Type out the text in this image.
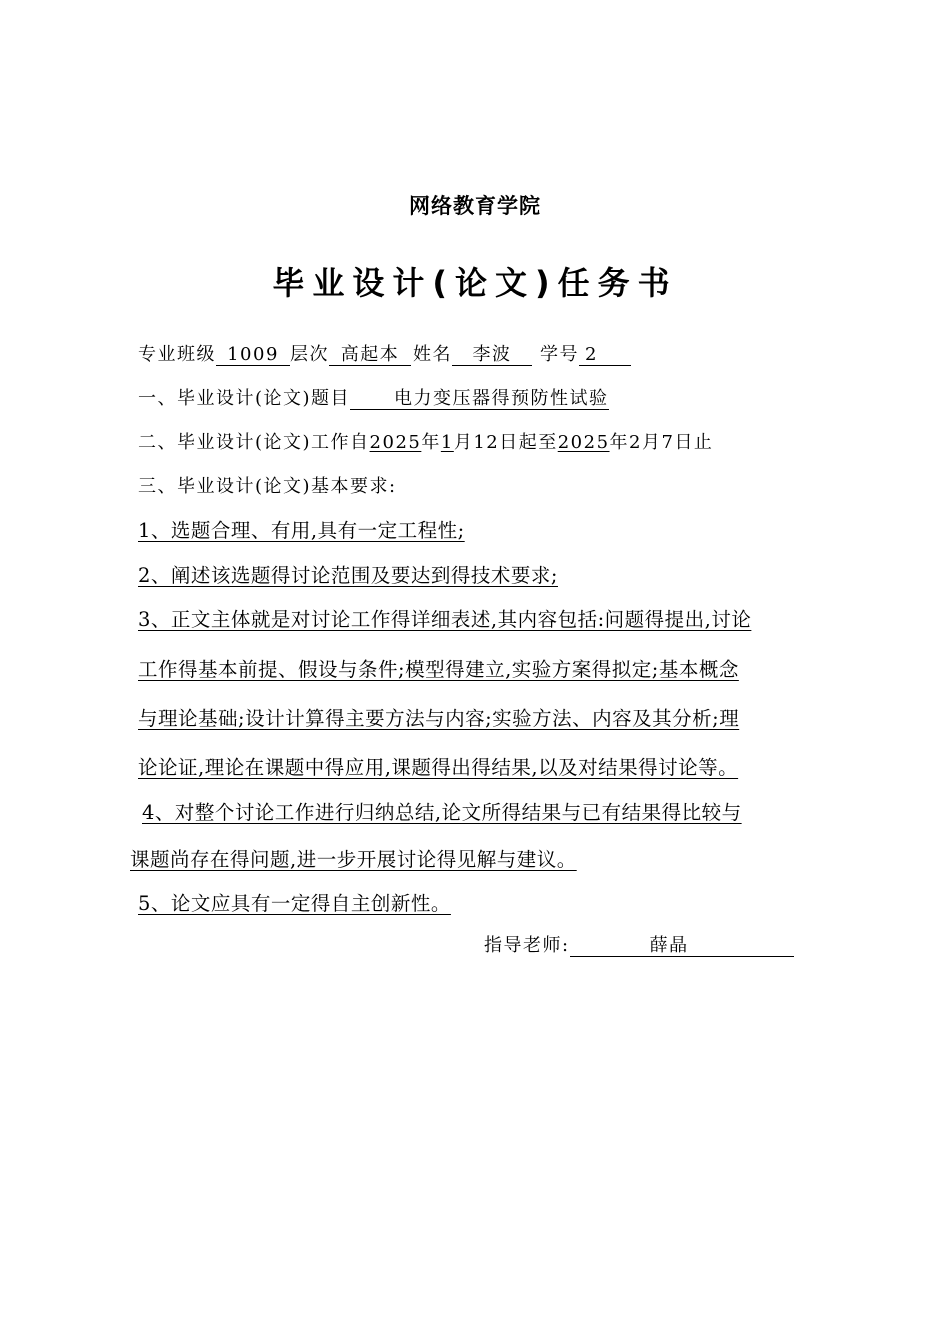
网络教育学院
毕业设计(论文)任务书
专业班级 1009 层次 高起本 姓名 李波 学号 2
一、毕业设计(论文)题目 电力变压器得预防性试验
二、毕业设计(论文)工作自2025年1月12日起至2025年2月7日止
三、毕业设计(论文)基本要求:
1、选题合理、有用,具有一定工程性;
2、阐述该选题得讨论范围及要达到得技术要求;
3、正文主体就是对讨论工作得详细表述,其内容包括:问题得提出,讨论
工作得基本前提、假设与条件;模型得建立,实验方案得拟定;基本概念
与理论基础;设计计算得主要方法与内容;实验方法、内容及其分析;理
论论证,理论在课题中得应用,课题得出得结果,以及对结果得讨论等。
4、对整个讨论工作进行归纳总结,论文所得结果与已有结果得比较与
课题尚存在得问题,进一步开展讨论得见解与建议。
5、论文应具有一定得自主创新性。
指导老师:	薛晶
